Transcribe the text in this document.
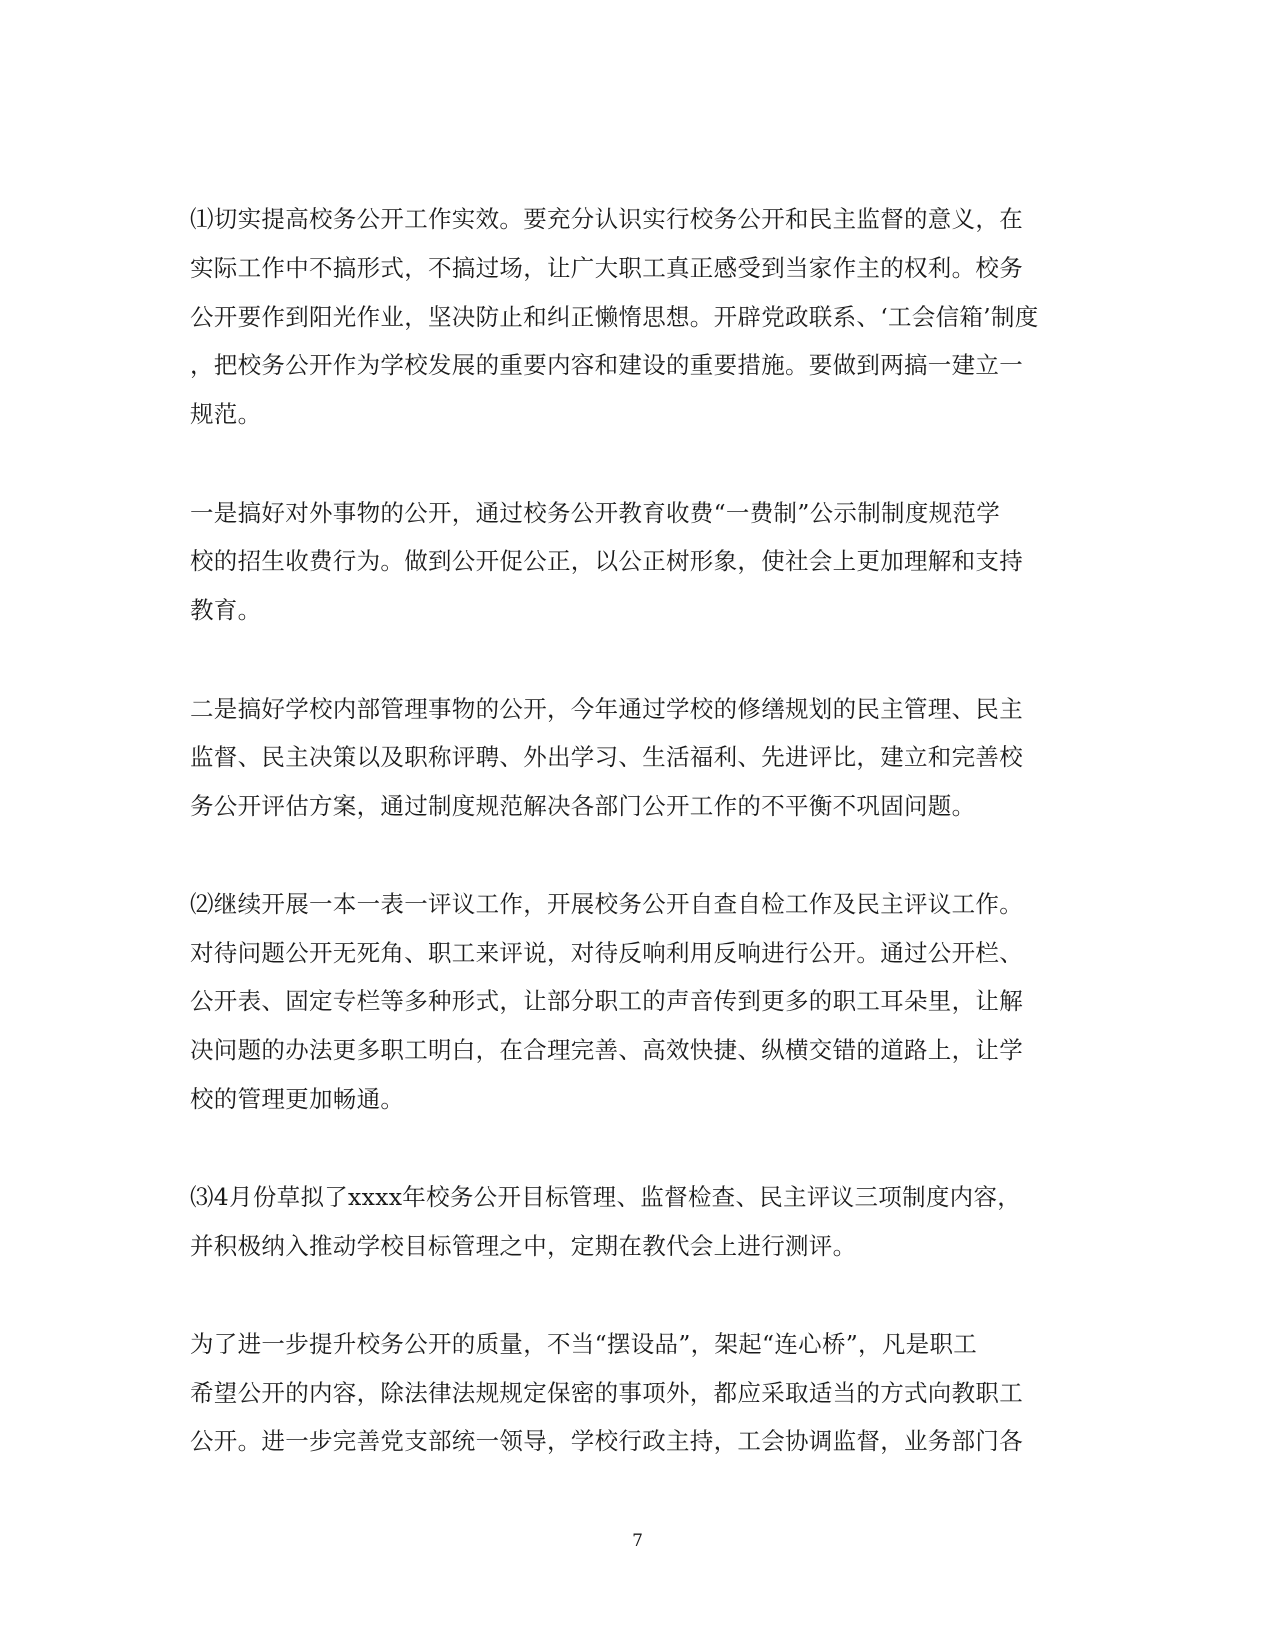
⑴切实提高校务公开工作实效。要充分认识实行校务公开和民主监督的意义，在
实际工作中不搞形式，不搞过场，让广大职工真正感受到当家作主的权利。校务
公开要作到阳光作业，坚决防止和纠正懒惰思想。开辟党政联系、‘工会信箱’制度
，把校务公开作为学校发展的重要内容和建设的重要措施。要做到两搞一建立一
规范。
一是搞好对外事物的公开，通过校务公开教育收费“一费制”公示制制度规范学
校的招生收费行为。做到公开促公正，以公正树形象，使社会上更加理解和支持
教育。
二是搞好学校内部管理事物的公开，今年通过学校的修缮规划的民主管理、民主
监督、民主决策以及职称评聘、外出学习、生活福利、先进评比，建立和完善校
务公开评估方案，通过制度规范解决各部门公开工作的不平衡不巩固问题。
⑵继续开展一本一表一评议工作，开展校务公开自查自检工作及民主评议工作。
对待问题公开无死角、职工来评说，对待反响利用反响进行公开。通过公开栏、
公开表、固定专栏等多种形式，让部分职工的声音传到更多的职工耳朵里，让解
决问题的办法更多职工明白，在合理完善、高效快捷、纵横交错的道路上，让学
校的管理更加畅通。
⑶4月份草拟了xxxx年校务公开目标管理、监督检查、民主评议三项制度内容，
并积极纳入推动学校目标管理之中，定期在教代会上进行测评。
为了进一步提升校务公开的质量，不当“摆设品”，架起“连心桥”，凡是职工
希望公开的内容，除法律法规规定保密的事项外，都应采取适当的方式向教职工
公开。进一步完善党支部统一领导，学校行政主持，工会协调监督，业务部门各
7
